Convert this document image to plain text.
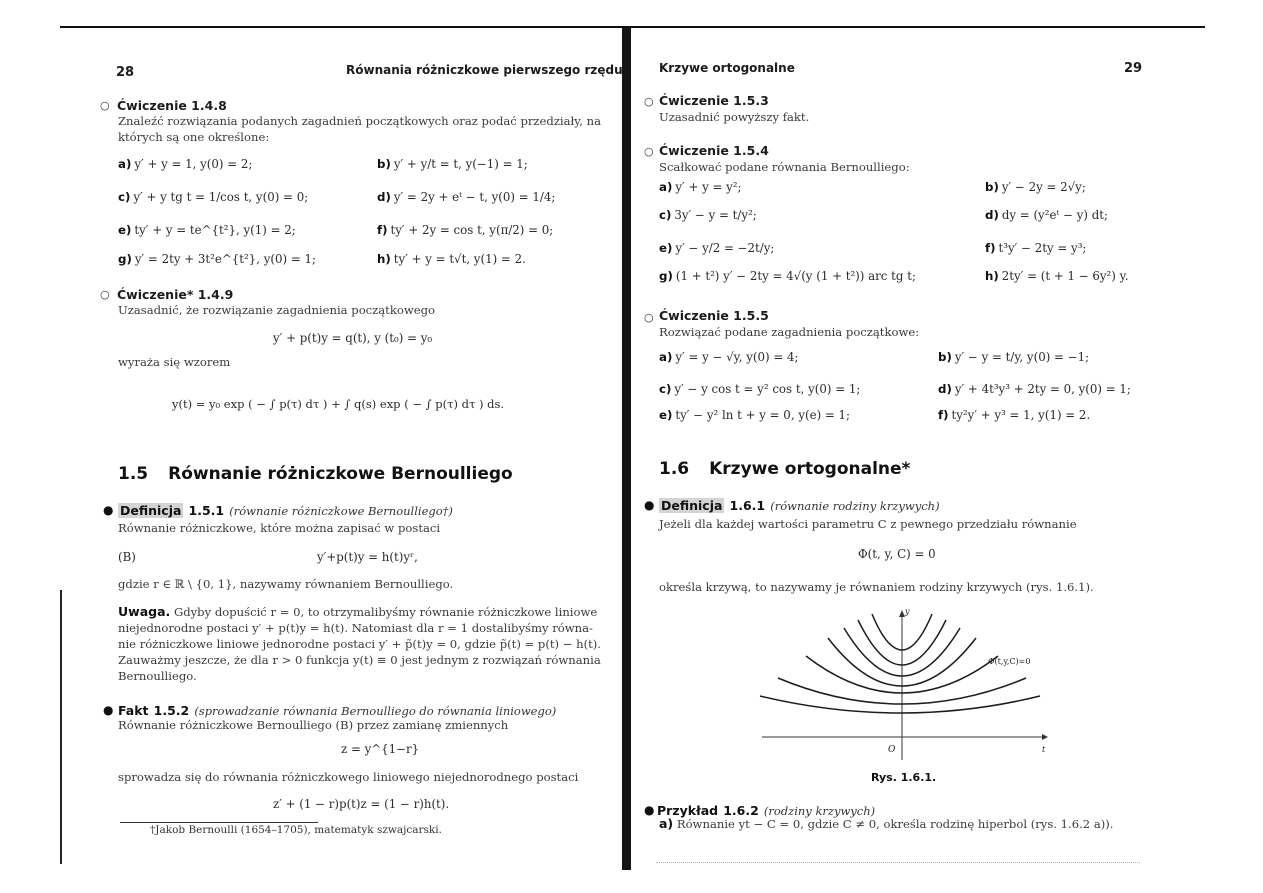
28	Równania różniczkowe pierwszego rzędu
○ Ćwiczenie 1.4.8
Znaleźć rozwiązania podanych zagadnień początkowych oraz podać przedziały, na
których są one określone:
a) y′ + y = 1, y(0) = 2;	b) y′ + y/t = t, y(−1) = 1;
c) y′ + y tg t = 1/cos t, y(0) = 0;	d) y′ = 2y + eᵗ − t, y(0) = 1/4;
e) ty′ + y = te^{t²}, y(1) = 2;	f) ty′ + 2y = cos t, y(π/2) = 0;
g) y′ = 2ty + 3t²e^{t²}, y(0) = 1;	h) ty′ + y = t√t, y(1) = 2.
○ Ćwiczenie* 1.4.9
Uzasadnić, że rozwiązanie zagadnienia początkowego
y′ + p(t)y = q(t), y (t₀) = y₀
wyraża się wzorem
y(t) = y₀ exp ( − ∫ p(τ) dτ ) + ∫ q(s) exp ( − ∫ p(τ) dτ ) ds.
1.5 Równanie różniczkowe Bernoulliego
● Definicja 1.5.1 (równanie różniczkowe Bernoulliego†)
Równanie różniczkowe, które można zapisać w postaci
(B)	y′+p(t)y = h(t)yʳ,
gdzie r ∈ ℝ \ {0, 1}, nazywamy równaniem Bernoulliego.
Uwaga. Gdyby dopuścić r = 0, to otrzymalibyśmy równanie różniczkowe liniowe
niejednorodne postaci y′ + p(t)y = h(t). Natomiast dla r = 1 dostalibyśmy równa-
nie różniczkowe liniowe jednorodne postaci y′ + p̃(t)y = 0, gdzie p̃(t) = p(t) − h(t).
Zauważmy jeszcze, że dla r > 0 funkcja y(t) ≡ 0 jest jednym z rozwiązań równania
Bernoulliego.
● Fakt 1.5.2 (sprowadzanie równania Bernoulliego do równania liniowego)
Równanie różniczkowe Bernoulliego (B) przez zamianę zmiennych
z = y^{1−r}
sprowadza się do równania różniczkowego liniowego niejednorodnego postaci
z′ + (1 − r)p(t)z = (1 − r)h(t).
†Jakob Bernoulli (1654–1705), matematyk szwajcarski.
Krzywe ortogonalne	29
○ Ćwiczenie 1.5.3
Uzasadnić powyższy fakt.
○ Ćwiczenie 1.5.4
Scałkować podane równania Bernoulliego:
a) y′ + y = y²;	b) y′ − 2y = 2√y;
c) 3y′ − y = t/y²;	d) dy = (y²eᵗ − y) dt;
e) y′ − y/2 = −2t/y;	f) t³y′ − 2ty = y³;
g) (1 + t²) y′ − 2ty = 4√(y (1 + t²)) arc tg t;	h) 2ty′ = (t + 1 − 6y²) y.
○ Ćwiczenie 1.5.5
Rozwiązać podane zagadnienia początkowe:
a) y′ = y − √y, y(0) = 4;	b) y′ − y = t/y, y(0) = −1;
c) y′ − y cos t = y² cos t, y(0) = 1;	d) y′ + 4t³y³ + 2ty = 0, y(0) = 1;
e) ty′ − y² ln t + y = 0, y(e) = 1;	f) ty²y′ + y³ = 1, y(1) = 2.
1.6 Krzywe ortogonalne*
● Definicja 1.6.1 (równanie rodziny krzywych)
Jeżeli dla każdej wartości parametru C z pewnego przedziału równanie
Φ(t, y, C) = 0
określa krzywą, to nazywamy je równaniem rodziny krzywych (rys. 1.6.1).
y
t
O
Φ(t,y,C)=0
Rys. 1.6.1.
● Przykład 1.6.2 (rodziny krzywych)
a) Równanie yt − C = 0, gdzie C ≠ 0, określa rodzinę hiperbol (rys. 1.6.2 a)).
